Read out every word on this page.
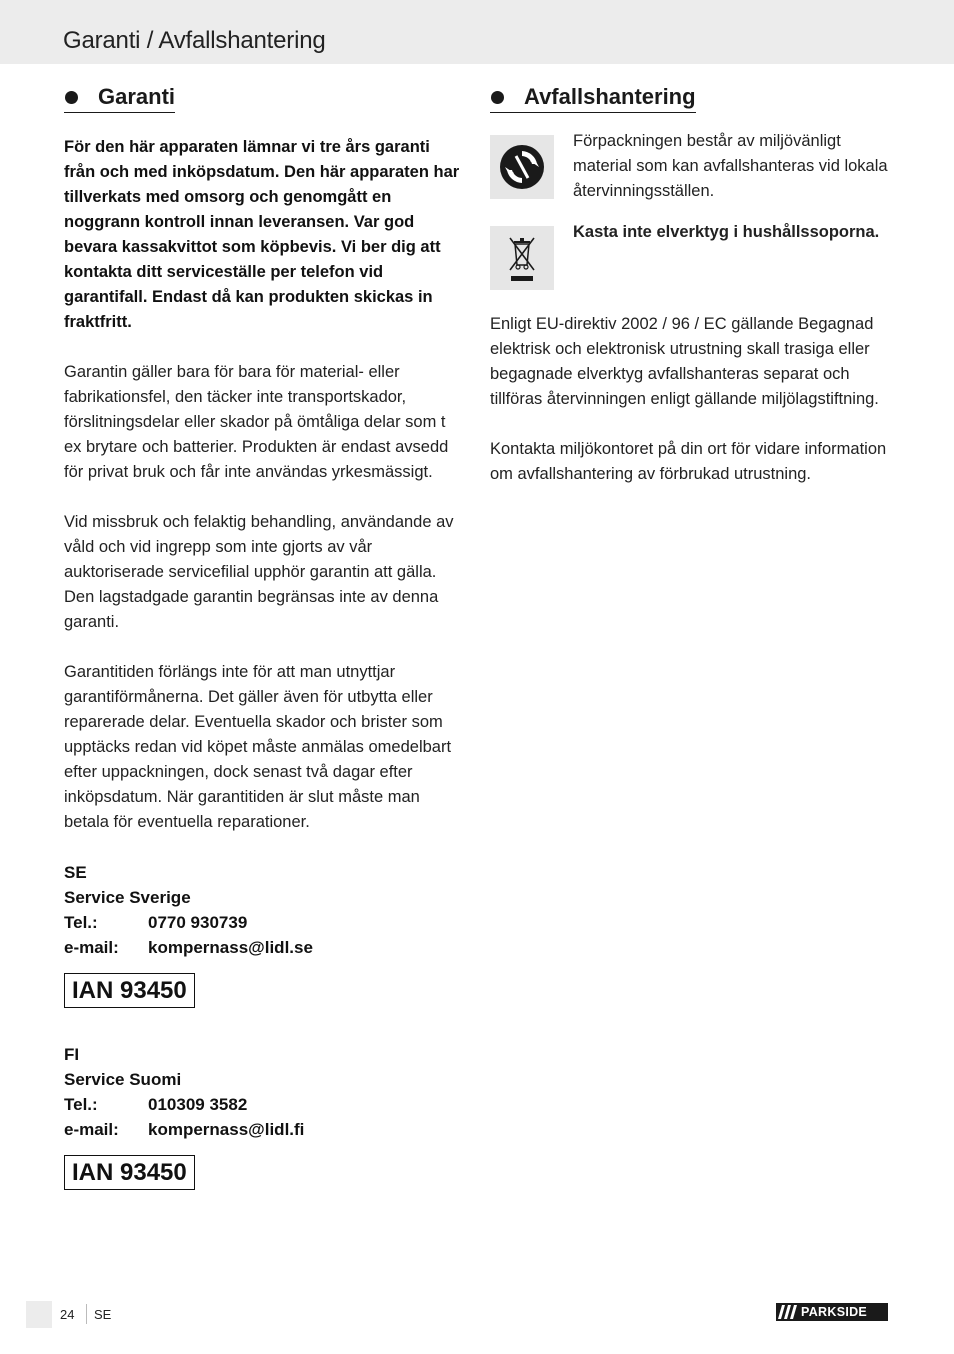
Garanti / Avfallshantering
Garanti

För den här apparaten lämnar vi tre års garanti från och med inköpsdatum. Den här apparaten har tillverkats med omsorg och genomgått en noggrann kontroll innan leveransen. Var god bevara kassakvittot som köpbevis. Vi ber dig att kontakta ditt serviceställe per telefon vid garantifall. Endast då kan produkten skickas in fraktfritt.

Garantin gäller bara för bara för material- eller fabrikationsfel, den täcker inte transportskador, förslitningsdelar eller skador på ömtåliga delar som t ex brytare och batterier. Produkten är endast avsedd för privat bruk och får inte användas yrkesmässigt.

Vid missbruk och felaktig behandling, användande av våld och vid ingrepp som inte gjorts av vår auktoriserade servicefilial upphör garantin att gälla. Den lagstadgade garantin begränsas inte av denna garanti.

Garantitiden förlängs inte för att man utnyttjar garantiförmånerna. Det gäller även för utbytta eller reparerade delar. Eventuella skador och brister som upptäcks redan vid köpet måste anmälas omedelbart efter uppackningen, dock senast två dagar efter inköpsdatum. När garantitiden är slut måste man betala för eventuella reparationer.

SE
Service Sverige
Tel.:	0770 930739
e-mail:	kompernass@lidl.se
IAN 93450
FI
Service Suomi
Tel.:	010309 3582
e-mail:	kompernass@lidl.fi
IAN 93450
Avfallshantering
Förpackningen består av miljövänligt material som kan avfallshanteras vid lokala återvinningsställen.
Kasta inte elverktyg i hushållssoporna.

Enligt EU-direktiv 2002 / 96 / EC gällande Begagnad elektrisk och elektronisk utrustning skall trasiga eller begagnade elverktyg avfallshanteras separat och tillföras återvinningen enligt gällande miljölagstiftning.

Kontakta miljökontoret på din ort för vidare information om avfallshantering av förbrukad utrustning.

24 SE	PARKSIDE
